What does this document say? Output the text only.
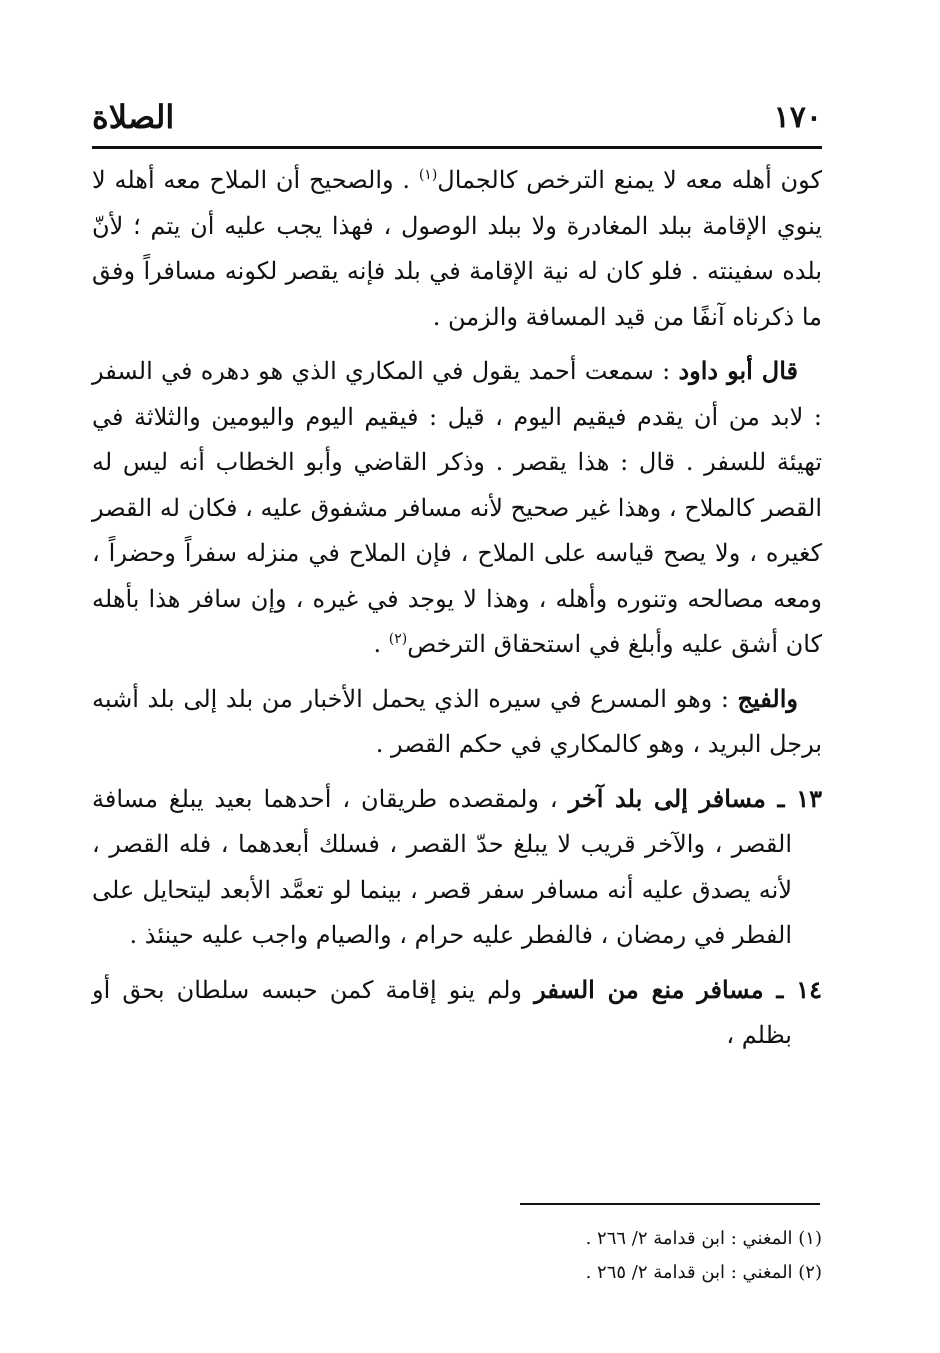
١٧٠
الصلاة

كون أهله معه لا يمنع الترخص كالجمال$^{(١)}$ . والصحيح أن الملاح معه أهله لا ينوي الإقامة ببلد المغادرة ولا ببلد الوصول ، فهذا يجب عليه أن يتم ؛ لأنّ بلده سفينته . فلو كان له نية الإقامة في بلد فإنه يقصر لكونه مسافراً وفق ما ذكرناه آنفًا من قيد المسافة والزمن .

قال أبو داود : سمعت أحمد يقول في المكاري الذي هو دهره في السفر : لابد من أن يقدم فيقيم اليوم ، قيل : فيقيم اليوم واليومين والثلاثة في تهيئة للسفر . قال : هذا يقصر . وذكر القاضي وأبو الخطاب أنه ليس له القصر كالملاح ، وهذا غير صحيح لأنه مسافر مشفوق عليه ، فكان له القصر كغيره ، ولا يصح قياسه على الملاح ، فإن الملاح في منزله سفراً وحضراً ، ومعه مصالحه وتنوره وأهله ، وهذا لا يوجد في غيره ، وإن سافر هذا بأهله كان أشق عليه وأبلغ في استحقاق الترخص$^{(٢)}$ .

والفيج : وهو المسرع في سيره الذي يحمل الأخبار من بلد إلى بلد أشبه برجل البريد ، وهو كالمكاري في حكم القصر .

١٣ ـ مسافر إلى بلد آخر ، ولمقصده طريقان ، أحدهما بعيد يبلغ مسافة القصر ، والآخر قريب لا يبلغ حدّ القصر ، فسلك أبعدهما ، فله القصر ، لأنه يصدق عليه أنه مسافر سفر قصر ، بينما لو تعمَّد الأبعد ليتحايل على الفطر في رمضان ، فالفطر عليه حرام ، والصيام واجب عليه حينئذ .

١٤ ـ مسافر منع من السفر ولم ينو إقامة كمن حبسه سلطان بحق أو بظلم ،

(١) المغني : ابن قدامة ٢/ ٢٦٦ .

(٢) المغني : ابن قدامة ٢/ ٢٦٥ .
